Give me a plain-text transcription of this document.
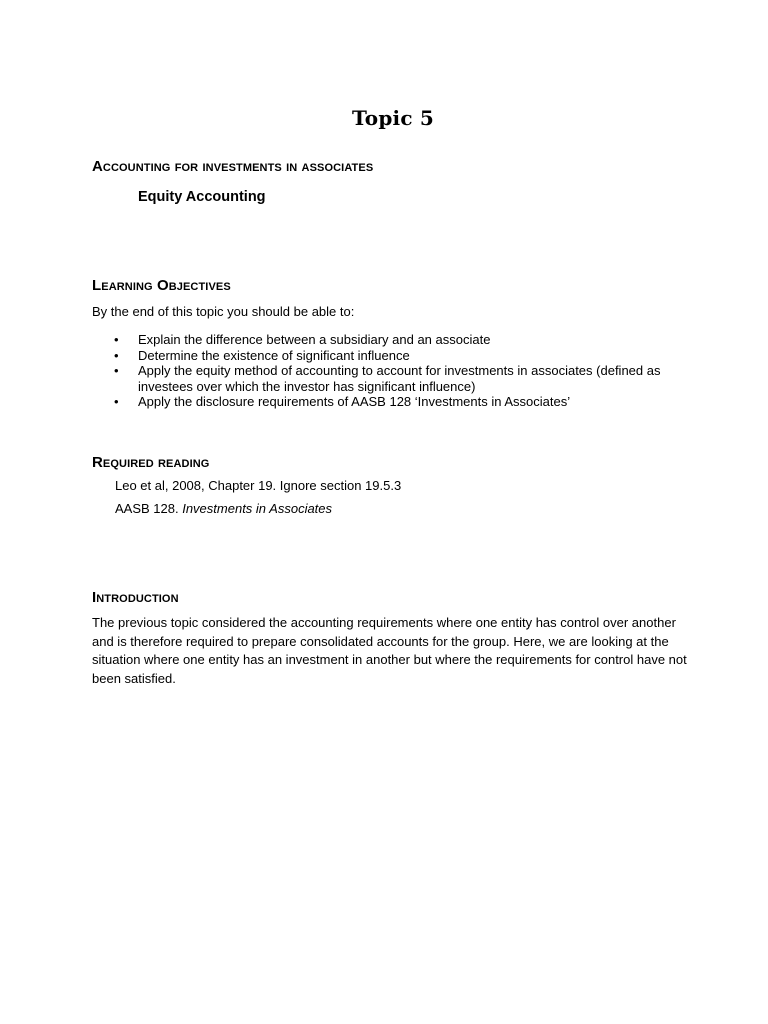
Topic 5
Accounting for investments in associates
Equity Accounting
Learning Objectives
By the end of this topic you should be able to:
• Explain the difference between a subsidiary and an associate
• Determine the existence of significant influence
• Apply the equity method of accounting to account for investments in associates (defined as investees over which the investor has significant influence)
• Apply the disclosure requirements of AASB 128 ‘Investments in Associates’
Required reading
Leo et al, 2008, Chapter 19. Ignore section 19.5.3
AASB 128. Investments in Associates
Introduction
The previous topic considered the accounting requirements where one entity has control over another and is therefore required to prepare consolidated accounts for the group. Here, we are looking at the situation where one entity has an investment in another but where the requirements for control have not been satisfied.
